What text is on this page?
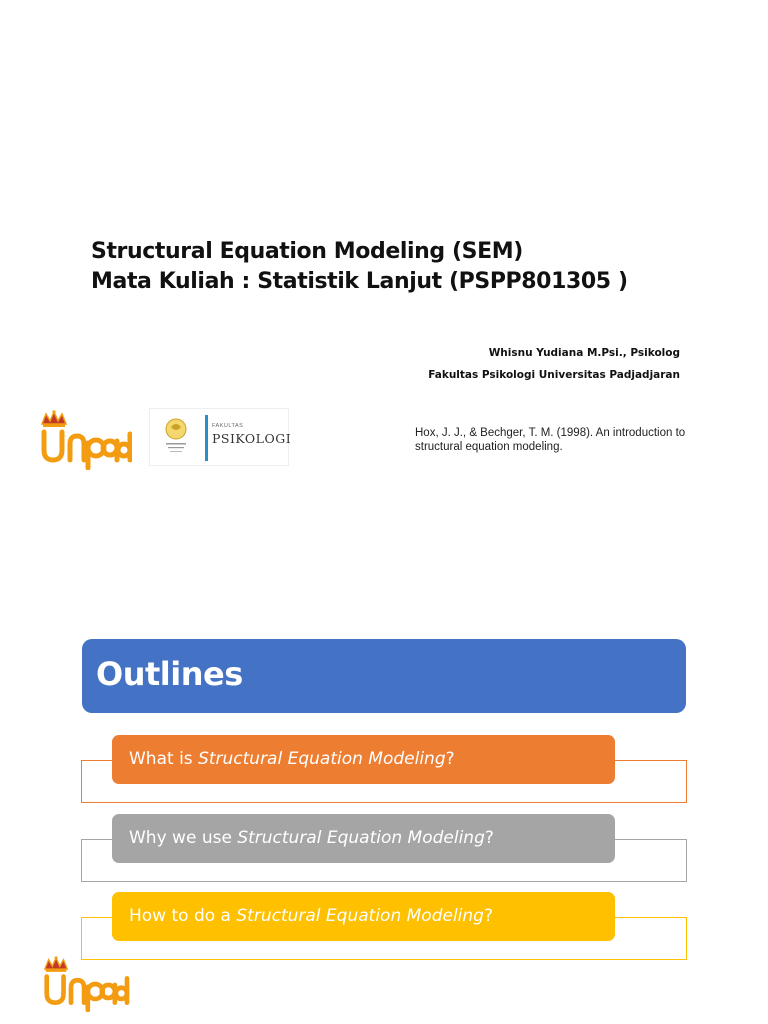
Structural Equation Modeling (SEM)
Mata Kuliah : Statistik Lanjut (PSPP801305 )
Whisnu Yudiana M.Psi., Psikolog
Fakultas Psikologi Universitas Padjadjaran
FAKULTAS
PSIKOLOGI	Hox, J. J., & Bechger, T. M. (1998). An introduction to structural equation modeling.
Outlines
What is Structural Equation Modeling?
Why we use Structural Equation Modeling?
How to do a Structural Equation Modeling?
